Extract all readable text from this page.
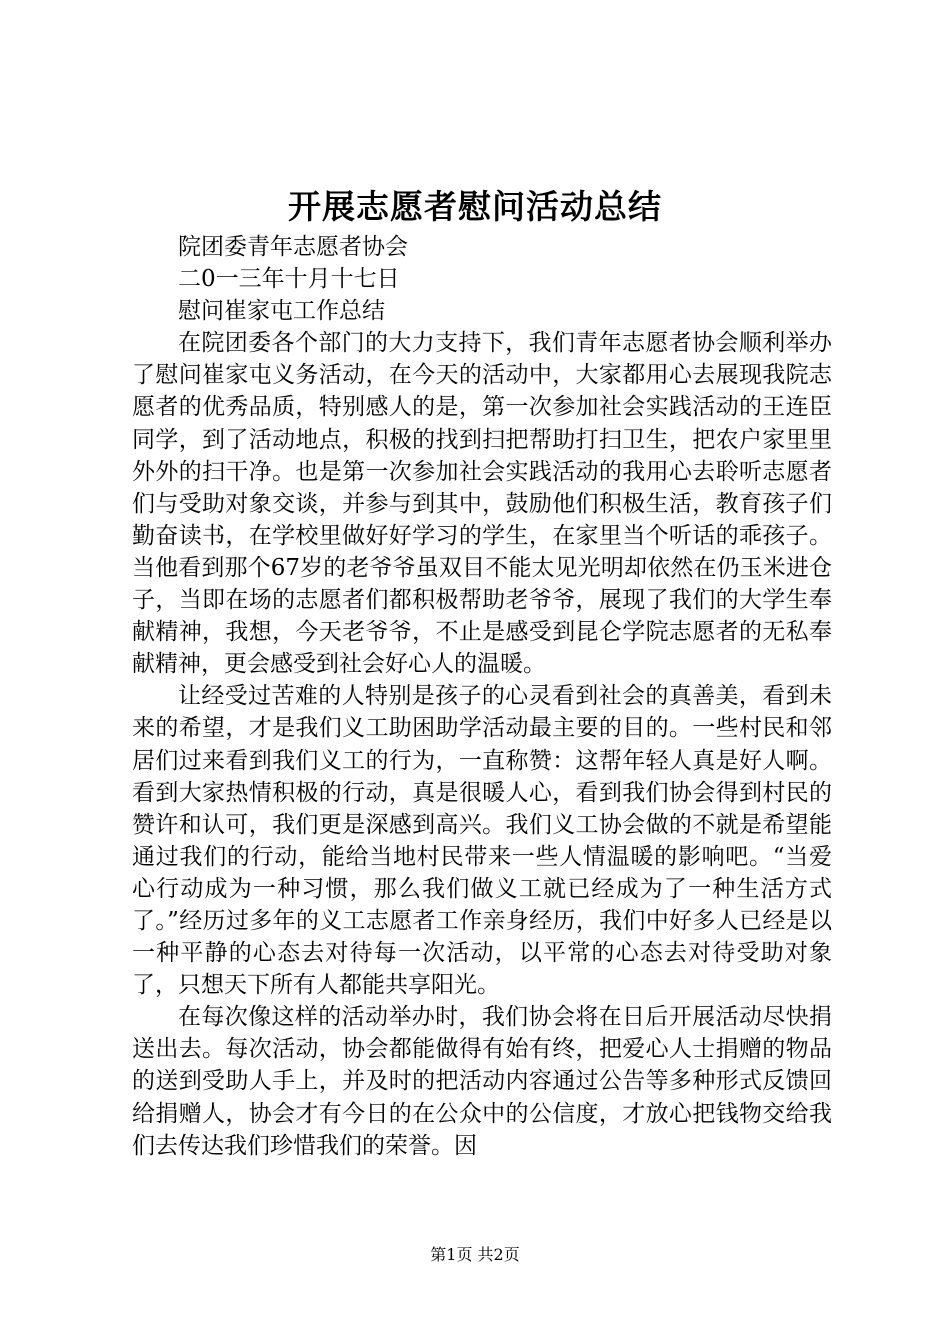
开展志愿者慰问活动总结

院团委青年志愿者协会

二0一三年十月十七日

慰问崔家屯工作总结

在院团委各个部门的大力支持下，我们青年志愿者协会顺利举办了慰问崔家屯义务活动，在今天的活动中，大家都用心去展现我院志愿者的优秀品质，特别感人的是，第一次参加社会实践活动的王连臣同学，到了活动地点，积极的找到扫把帮助打扫卫生，把农户家里里外外的扫干净。也是第一次参加社会实践活动的我用心去聆听志愿者们与受助对象交谈，并参与到其中，鼓励他们积极生活，教育孩子们勤奋读书，在学校里做好好学习的学生，在家里当个听话的乖孩子。当他看到那个67岁的老爷爷虽双目不能太见光明却依然在仍玉米进仓子，当即在场的志愿者们都积极帮助老爷爷，展现了我们的大学生奉献精神，我想，今天老爷爷，不止是感受到昆仑学院志愿者的无私奉献精神，更会感受到社会好心人的温暖。

让经受过苦难的人特别是孩子的心灵看到社会的真善美，看到未来的希望，才是我们义工助困助学活动最主要的目的。一些村民和邻居们过来看到我们义工的行为，一直称赞：这帮年轻人真是好人啊。看到大家热情积极的行动，真是很暖人心，看到我们协会得到村民的赞许和认可，我们更是深感到高兴。我们义工协会做的不就是希望能通过我们的行动，能给当地村民带来一些人情温暖的影响吧。“当爱心行动成为一种习惯，那么我们做义工就已经成为了一种生活方式了。”经历过多年的义工志愿者工作亲身经历，我们中好多人已经是以一种平静的心态去对待每一次活动，以平常的心态去对待受助对象了，只想天下所有人都能共享阳光。

在每次像这样的活动举办时，我们协会将在日后开展活动尽快捐送出去。每次活动，协会都能做得有始有终，把爱心人士捐赠的物品的送到受助人手上，并及时的把活动内容通过公告等多种形式反馈回给捐赠人，协会才有今日的在公众中的公信度，才放心把钱物交给我们去传达我们珍惜我们的荣誉。因

第1页 共2页
